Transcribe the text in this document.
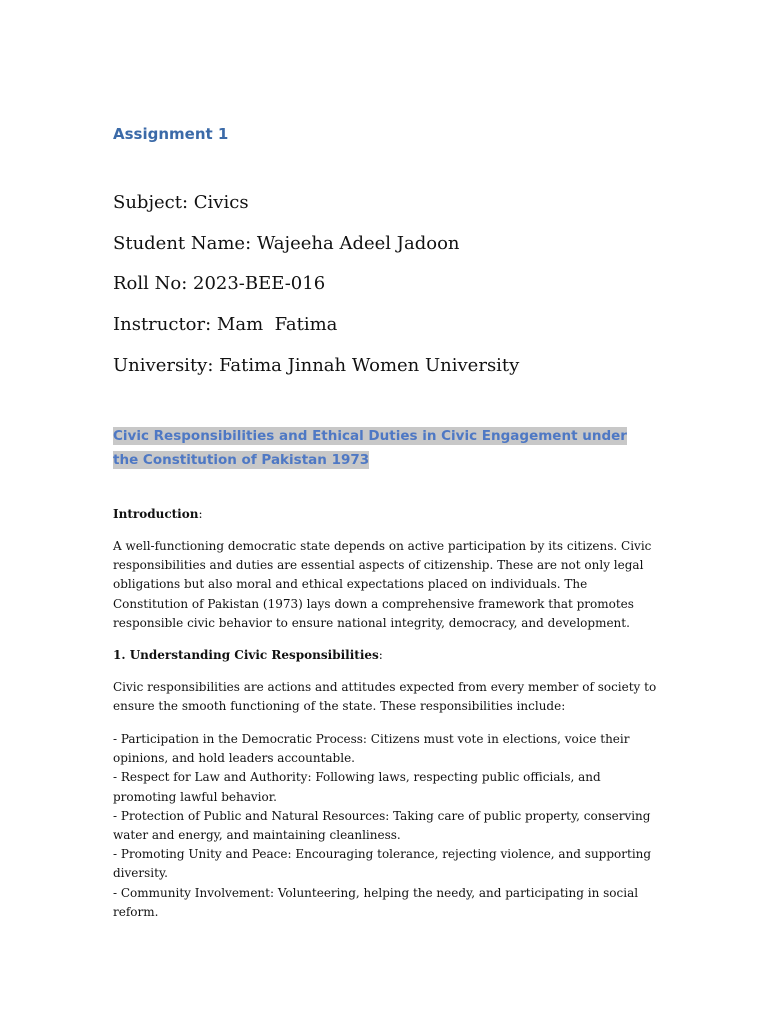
Assignment 1

Subject: Civics

Student Name: Wajeeha Adeel Jadoon

Roll No: 2023-BEE-016

Instructor: Mam  Fatima

University: Fatima Jinnah Women University

Civic Responsibilities and Ethical Duties in Civic Engagement under the Constitution of Pakistan 1973

Introduction:

A well-functioning democratic state depends on active participation by its citizens. Civic responsibilities and duties are essential aspects of citizenship. These are not only legal obligations but also moral and ethical expectations placed on individuals. The Constitution of Pakistan (1973) lays down a comprehensive framework that promotes responsible civic behavior to ensure national integrity, democracy, and development.

1. Understanding Civic Responsibilities:

Civic responsibilities are actions and attitudes expected from every member of society to ensure the smooth functioning of the state. These responsibilities include:

- Participation in the Democratic Process: Citizens must vote in elections, voice their opinions, and hold leaders accountable.
- Respect for Law and Authority: Following laws, respecting public officials, and promoting lawful behavior.
- Protection of Public and Natural Resources: Taking care of public property, conserving water and energy, and maintaining cleanliness.
- Promoting Unity and Peace: Encouraging tolerance, rejecting violence, and supporting diversity.
- Community Involvement: Volunteering, helping the needy, and participating in social reform.
